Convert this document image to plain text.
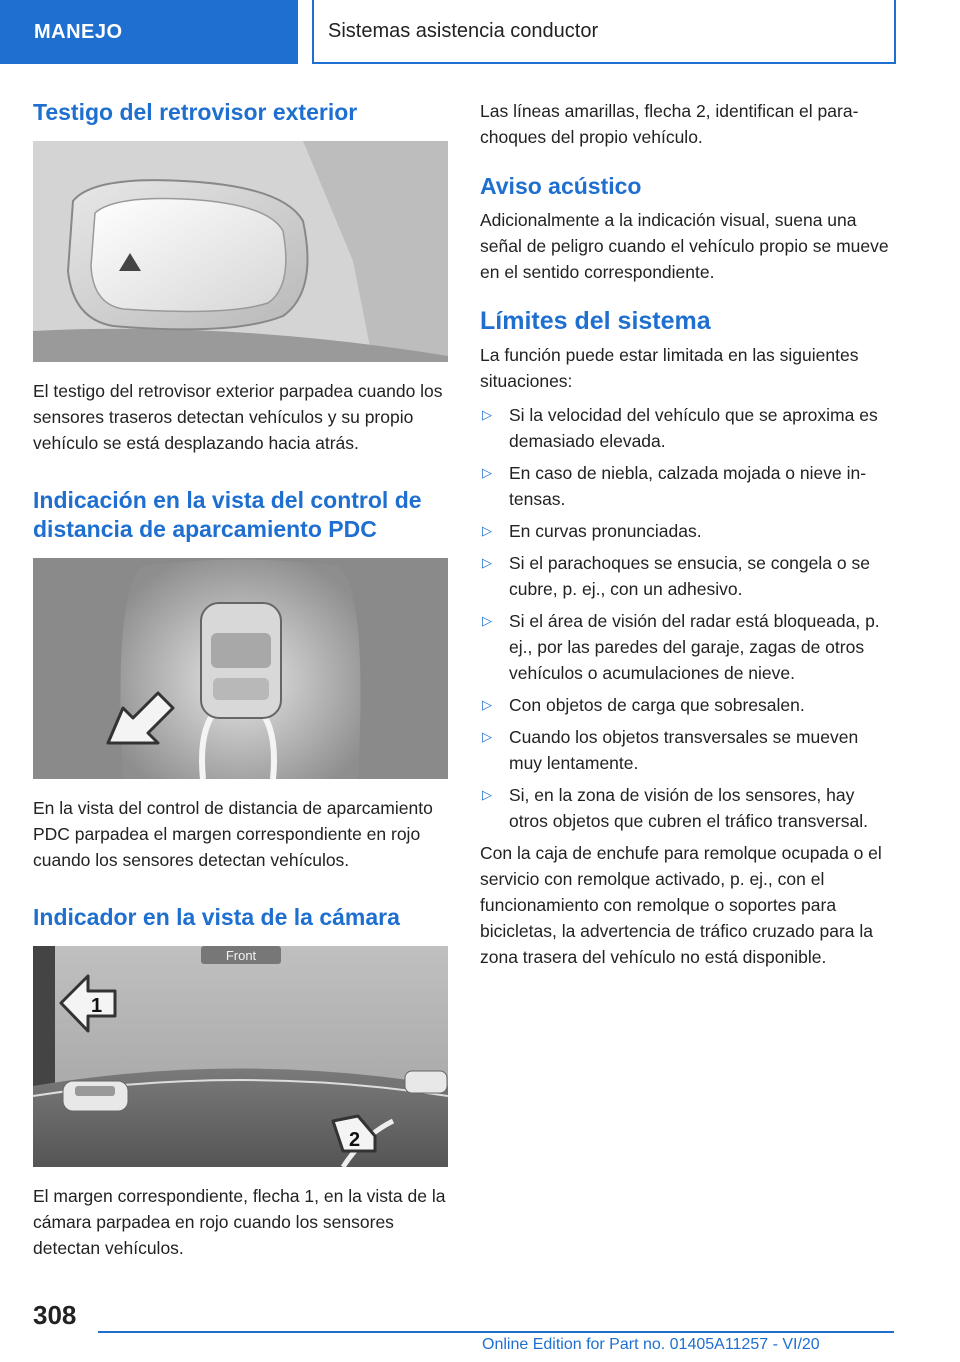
MANEJO	Sistemas asistencia conductor
Testigo del retrovisor exterior

El testigo del retrovisor exterior parpadea cuando los sensores traseros detectan vehículos y su propio vehículo se está desplazando hacia atrás.

Indicación en la vista del control de distancia de aparcamiento PDC

En la vista del control de distancia de aparcamiento PDC parpadea el margen correspondiente en rojo cuando los sensores detectan vehículos.

Indicador en la vista de la cámara
Front
1
2

El margen correspondiente, flecha 1, en la vista de la cámara parpadea en rojo cuando los sensores detectan vehículos.

Las líneas amarillas, flecha 2, identifican el parachoques del propio vehículo.

Aviso acústico

Adicionalmente a la indicación visual, suena una señal de peligro cuando el vehículo propio se mueve en el sentido correspondiente.

Límites del sistema

La función puede estar limitada en las siguientes situaciones:

▷ Si la velocidad del vehículo que se aproxima es demasiado elevada.
▷ En caso de niebla, calzada mojada o nieve intensas.
▷ En curvas pronunciadas.
▷ Si el parachoques se ensucia, se congela o se cubre, p. ej., con un adhesivo.
▷ Si el área de visión del radar está bloqueada, p. ej., por las paredes del garaje, zagas de otros vehículos o acumulaciones de nieve.
▷ Con objetos de carga que sobresalen.
▷ Cuando los objetos transversales se mueven muy lentamente.
▷ Si, en la zona de visión de los sensores, hay otros objetos que cubren el tráfico transversal.

Con la caja de enchufe para remolque ocupada o el servicio con remolque activado, p. ej., con el funcionamiento con remolque o soportes para bicicletas, la advertencia de tráfico cruzado para la zona trasera del vehículo no está disponible.

308
Online Edition for Part no. 01405A11257 - VI/20
